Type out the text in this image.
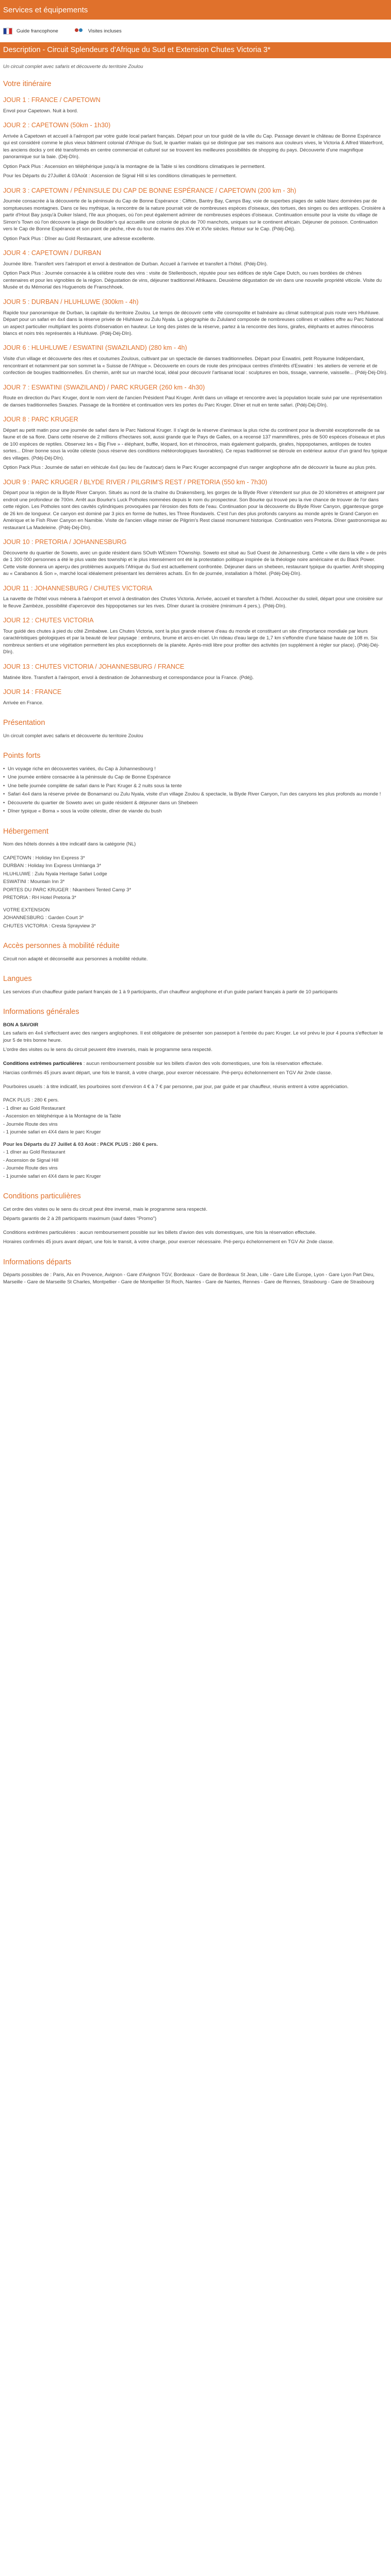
Services et équipements
Guide francophone	Visites incluses
Description - Circuit Splendeurs d'Afrique du Sud et Extension Chutes Victoria 3*

Un circuit complet avec safaris et découverte du territoire Zoulou

Votre itinéraire
JOUR 1 : FRANCE / CAPETOWN

Envol pour Capetown. Nuit à bord.

JOUR 2 : CAPETOWN (50km - 1h30)

Arrivée à Capetown et accueil à l'aéroport par votre guide local parlant français. Départ pour un tour guidé de la ville du Cap. Passage devant le château de Bonne Espérance qui est considéré comme le plus vieux bâtiment colonial d'Afrique du Sud, le quartier malais qui se distingue par ses maisons aux couleurs vives, le Victoria & Alfred Waterfront, les anciens docks y ont été transformés en centre commercial et culturel sur se trouvent les meilleures possibilités de shopping du pays. Découverte d'une magnifique panoramique sur la baie. (Déj-Dîn).

Option Pack Plus : Ascension en téléphérique jusqu'à la montagne de la Table si les conditions climatiques le permettent.

Pour les Départs du 27Juillet & 03Août : Ascension de Signal Hill si les conditions climatiques le permettent.

JOUR 3 : CAPETOWN / PÉNINSULE DU CAP DE BONNE ESPÉRANCE / CAPETOWN (200 km - 3h)

Journée consacrée à la découverte de la péninsule du Cap de Bonne Espérance : Clifton, Bantry Bay, Camps Bay, voie de superbes plages de sable blanc dominées par de somptueuses montagnes. Dans ce lieu mythique, la rencontre de la nature pourrait voir de nombreuses espèces d'oiseaux, des tortues, des singes ou des antilopes. Croisière à partir d'Hout Bay jusqu'à Duiker Island, l'île aux phoques, où l'on peut également admirer de nombreuses espèces d'oiseaux. Continuation ensuite pour la visite du village de Simon's Town où l'on découvre la plage de Boulder's qui accueille une colonie de plus de 700 manchots, uniques sur le continent africain. Déjeuner de poisson. Continuation vers le Cap de Bonne Espérance et son point de péche, rêve du tout de marins des XVe et XVIe siècles. Retour sur le Cap. (Pdéj-Déj).

Option Pack Plus : Dîner au Gold Restaurant, une adresse excellente.

JOUR 4 : CAPETOWN / DURBAN

Journée libre. Transfert vers l'aéroport et envol à destination de Durban. Accueil à l'arrivée et transfert à l'hôtel. (Pdéj-Dîn).

Option Pack Plus : Journée consacrée à la célèbre route des vins : visite de Stellenbosch, réputée pour ses édifices de style Cape Dutch, ou rues bordées de chênes centenaires et pour les vignobles de la région. Dégustation de vins, déjeuner traditionnel Afrikaans. Deuxième dégustation de vin dans une nouvelle propriété viticole. Visite du Musée et du Mémorial des Huguenots de Franschhoek.

JOUR 5 : DURBAN / HLUHLUWE (300km - 4h)

Rapide tour panoramique de Durban, la capitale du territoire Zoulou. Le temps de découvrir cette ville cosmopolite et balnéaire au climat subtropical puis route vers Hluhluwe. Départ pour un safari en 4x4 dans la réserve privée de Hluhluwe ou Zulu Nyala. La géographie du Zululand composée de nombreuses collines et vallées offre au Parc National un aspect particulier multipliant les points d'observation en hauteur. Le long des pistes de la réserve, partez à la rencontre des lions, girafes, éléphants et autres rhinocéros blancs et noirs très représentés à Hluhluwe. (Pdéj-Déj-Dîn).

JOUR 6 : HLUHLUWE / ESWATINI (SWAZILAND) (280 km - 4h)

Visite d'un village et découverte des rites et coutumes Zoulous, cultivant par un spectacle de danses traditionnelles. Départ pour Eswatini, petit Royaume Indépendant, rencontrant et notamment par son sommet la « Suisse de l'Afrique ». Découverte en cours de route des principaux centres d'intérêts d'Eswatini : les ateliers de verrerie et de confection de bougies traditionnelles. En chemin, arrêt sur un marché local, idéal pour découvrir l'artisanat local : sculptures en bois, tissage, vannerie, vaisselle... (Pdéj-Déj-Dîn).

JOUR 7 : ESWATINI (SWAZILAND) / PARC KRUGER (260 km - 4h30)

Route en direction du Parc Kruger, dont le nom vient de l'ancien Président Paul Kruger. Arrêt dans un village et rencontre avec la population locale suivi par une représentation de danses traditionnelles Swazies. Passage de la frontière et continuation vers les portes du Parc Kruger. Dîner et nuit en tente safari. (Pdéj-Déj-Dîn).

JOUR 8 : PARC KRUGER

Départ au petit matin pour une journée de safari dans le Parc National Kruger. Il s'agit de la réserve d'animaux la plus riche du continent pour la diversité exceptionnelle de sa faune et de sa flore. Dans cette réserve de 2 millions d'hectares soit, aussi grande que le Pays de Galles, on a recensé 137 mammifères, près de 500 espèces d'oiseaux et plus de 100 espèces de reptiles. Observez les « Big Five » - éléphant, buffle, léopard, lion et rhinocéros, mais également guépards, girafes, hippopotames, antilopes de toutes sortes... Dîner bonne sous la voûte céleste (sous réserve des conditions météorologiques favorables). Ce repas traditionnel se déroule en extérieur autour d'un grand feu typique des villages. (Pdéj-Déj-Dîn).

Option Pack Plus : Journée de safari en véhicule 4x4 (au lieu de l'autocar) dans le Parc Kruger accompagné d'un ranger anglophone afin de découvrir la faune au plus près.

JOUR 9 : PARC KRUGER / BLYDE RIVER / PILGRIM'S REST / PRETORIA (550 km - 7h30)

Départ pour la région de la Blyde River Canyon. Situés au nord de la chaîne du Drakensberg, les gorges de la Blyde River s'étendent sur plus de 20 kilomètres et atteignent par endroit une profondeur de 700m. Arrêt aux Bourke's Luck Potholes nommées depuis le nom du prospecteur. Son Bourke qui trouvé peu la rive chance de trouver de l'or dans cette région. Les Potholes sont des cavités cylindriques provoquées par l'érosion des flots de l'eau. Continuation pour la découverte du Blyde River Canyon, gigantesque gorge de 26 km de longueur. Ce canyon est dominé par 3 pics en forme de huttes, les Three Rondavels. C'est l'un des plus profonds canyons au monde après le Grand Canyon en Amérique et le Fish River Canyon en Namibie. Visite de l'ancien village minier de Pilgrim's Rest classé monument historique. Continuation vers Pretoria. Dîner gastronomique au restaurant La Madeleine. (Pdéj-Déj-Dîn).

JOUR 10 : PRETORIA / JOHANNESBURG

Découverte du quartier de Soweto, avec un guide résident dans SOuth WEstern TOwnship. Soweto est situé au Sud Ouest de Johannesburg. Cette « ville dans la ville » de près de 1 300 000 personnes a été le plus vaste des township et le plus intensément ont été la protestation politique inspirée de la théologie noire américaine et du Black Power. Cette visite donnera un aperçu des problèmes auxquels l'Afrique du Sud est actuellement confrontée. Déjeuner dans un shebeen, restaurant typique du quartier. Arrêt shopping au « Carabanos & Son », marché local idéalement présentant les dernières achats. En fin de journée, installation à l'hôtel. (Pdéj-Déj-Dîn).

JOUR 11 : JOHANNESBURG / CHUTES VICTORIA

La navette de l'hôtel vous mènera à l'aéroport et envol à destination des Chutes Victoria. Arrivée, accueil et transfert à l'hôtel. Accoucher du soleil, départ pour une croisière sur le fleuve Zambèze, possibilité d'apercevoir des hippopotames sur les rives. Dîner durant la croisière (minimum 4 pers.). (Pdéj-Dîn).

JOUR 12 : CHUTES VICTORIA

Tour guidé des chutes à pied du côté Zimbabwe. Les Chutes Victoria, sont la plus grande réserve d'eau du monde et constituent un site d'importance mondiale par leurs caractéristiques géologiques et par la beauté de leur paysage : embruns, brume et arcs-en-ciel. Un rideau d'eau large de 1,7 km s'effondre d'une falaise haute de 108 m. Six nombreux sentiers et une végétation permettent les plus exceptionnels de la planète. Après-midi libre pour profiter des activités (en supplément à régler sur place). (Pdéj-Déj-Dîn).

JOUR 13 : CHUTES VICTORIA / JOHANNESBURG / FRANCE

Matinée libre. Transfert à l'aéroport, envol à destination de Johannesburg et correspondance pour la France. (Pdéj).

JOUR 14 : FRANCE

Arrivée en France.

Présentation

Un circuit complet avec safaris et découverte du territoire Zoulou

Points forts
• Un voyage riche en découvertes variées, du Cap à Johannesbourg !
• Une journée entière consacrée à la péninsule du Cap de Bonne Espérance
• Une belle journée complète de safari dans le Parc Kruger & 2 nuits sous la tente
• Safari 4x4 dans la réserve privée de Bonamanzi ou Zulu Nyala, visite d'un village Zoulou & spectacle, la Blyde River Canyon, l'un des canyons les plus profonds au monde !
• Découverte du quartier de Soweto avec un guide résident & déjeuner dans un Shebeen
• Dîner typique « Boma » sous la voûte céleste, dîner de viande du bush
Hébergement

Nom des hôtels donnés à titre indicatif dans la catégorie (NL)

CAPETOWN : Holiday Inn Express 3*
DURBAN : Holiday Inn Express Umhlanga 3*
HLUHLUWE : Zulu Nyala Heritage Safari Lodge
ESWATINI : Mountain Inn 3*
PORTES DU PARC KRUGER : Nkambeni Tented Camp 3*
PRETORIA : RH Hotel Pretoria 3*
VOTRE EXTENSION
JOHANNESBURG : Garden Court 3*
CHUTES VICTORIA : Cresta Sprayview 3*
Accès personnes à mobilité réduite

Circuit non adapté et déconseillé aux personnes à mobilité réduite.

Langues

Les services d'un chauffeur guide parlant français de 1 à 9 participants, d'un chauffeur anglophone et d'un guide parlant français à partir de 10 participants

Informations générales
BON A SAVOIR

Les safaris en 4x4 s'effectuent avec des rangers anglophones. Il est obligatoire de présenter son passeport à l'entrée du parc Kruger. Le vol prévu le jour 4 pourra s'effectuer le jour 5 de très bonne heure.

L'ordre des visites ou le sens du circuit peuvent être inversés, mais le programme sera respecté.

Conditions extrêmes particulières : aucun remboursement possible sur les billets d'avion des vols domestiques, une fois la réservation effectuée.

Harcias confirmés 45 jours avant départ, une fois le transit, à votre charge, pour exercer nécessaire. Pré-perçu échelonnement en TGV Air 2nde classe.

Pourboires usuels : à titre indicatif, les pourboires sont d'environ 4 € à 7 € par personne, par jour, par guide et par chauffeur, réunis entrent à votre appréciation.

PACK PLUS : 280 € pers.
- 1 dîner au Gold Restaurant
- Ascension en téléphérique à la Montagne de la Table
- Journée Route des vins
- 1 journée safari en 4X4 dans le parc Kruger
Pour les Départs du 27 Juillet & 03 Août : PACK PLUS : 260 € pers.
- 1 dîner au Gold Restaurant
- Ascension de Signal Hill
- Journée Route des vins
- 1 journée safari en 4X4 dans le parc Kruger
Conditions particulières

Cet ordre des visites ou le sens du circuit peut être inversé, mais le programme sera respecté.

Départs garantis de 2 à 28 participants maximum (sauf dates "Promo")

Conditions extrêmes particulières : aucun remboursement possible sur les billets d'avion des vols domestiques, une fois la réservation effectuée.

Horaires confirmés 45 jours avant départ, une fois le transit, à votre charge, pour exercer nécessaire. Pré-perçu échelonnement en TGV Air 2nde classe.

Informations départs

Départs possibles de : Paris, Aix en Provence, Avignon - Gare d'Avignon TGV, Bordeaux - Gare de Bordeaux St Jean, Lille - Gare Lille Europe, Lyon - Gare Lyon Part Dieu, Marseille - Gare de Marseille St Charles, Montpellier - Gare de Montpellier St Roch, Nantes - Gare de Nantes, Rennes - Gare de Rennes, Strasbourg - Gare de Strasbourg
